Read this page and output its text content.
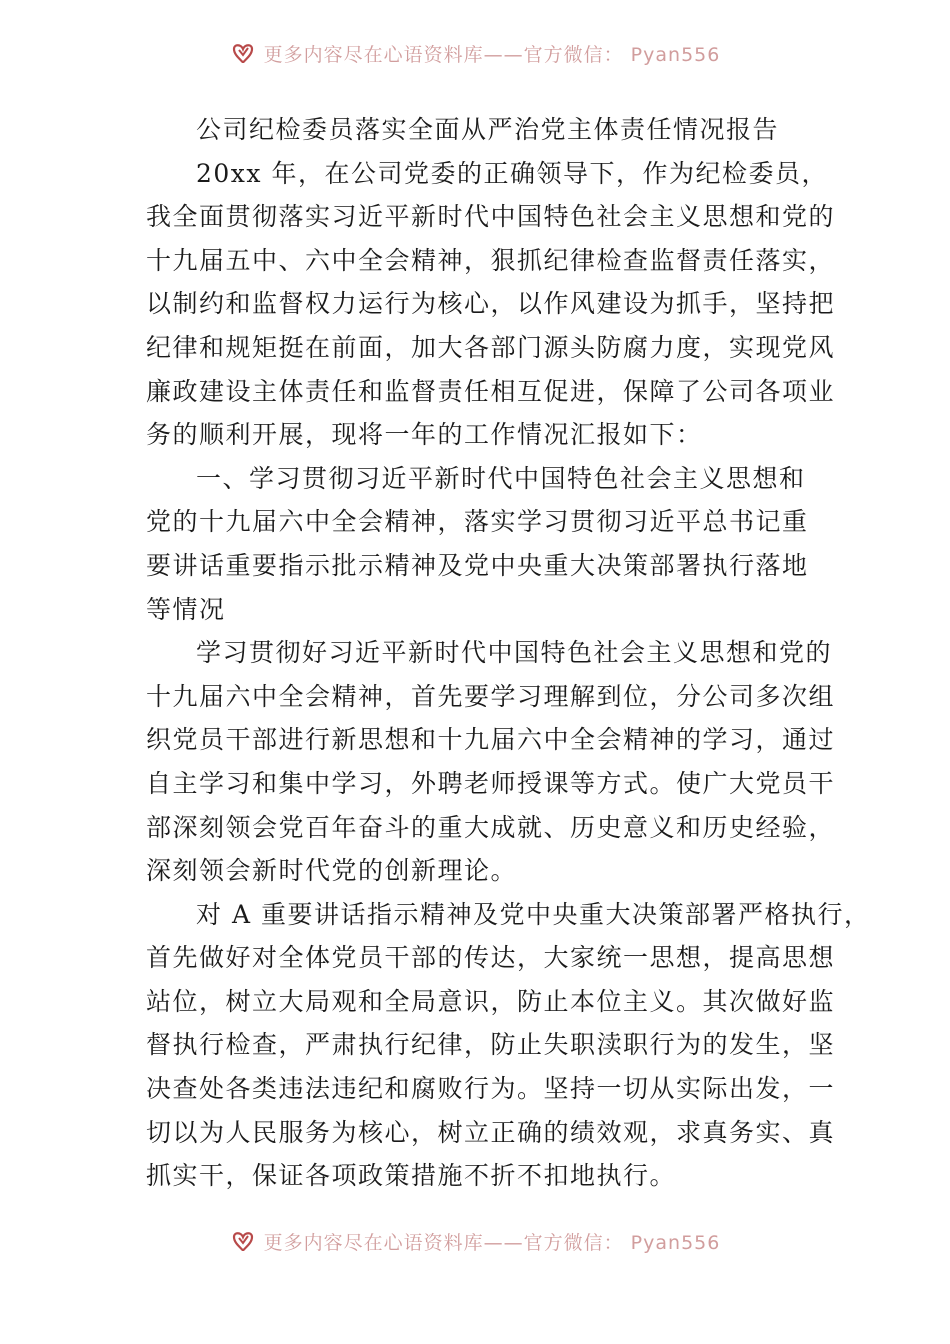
更多内容尽在心语资料库——官方微信： Pyan556
公司纪检委员落实全面从严治党主体责任情况报告
20xx 年，在公司党委的正确领导下，作为纪检委员，
我全面贯彻落实习近平新时代中国特色社会主义思想和党的
十九届五中、六中全会精神，狠抓纪律检查监督责任落实，
以制约和监督权力运行为核心，以作风建设为抓手，坚持把
纪律和规矩挺在前面，加大各部门源头防腐力度，实现党风
廉政建设主体责任和监督责任相互促进，保障了公司各项业
务的顺利开展，现将一年的工作情况汇报如下：
一、学习贯彻习近平新时代中国特色社会主义思想和
党的十九届六中全会精神，落实学习贯彻习近平总书记重
要讲话重要指示批示精神及党中央重大决策部署执行落地
等情况
学习贯彻好习近平新时代中国特色社会主义思想和党的
十九届六中全会精神，首先要学习理解到位，分公司多次组
织党员干部进行新思想和十九届六中全会精神的学习，通过
自主学习和集中学习，外聘老师授课等方式。使广大党员干
部深刻领会党百年奋斗的重大成就、历史意义和历史经验，
深刻领会新时代党的创新理论。
对 A 重要讲话指示精神及党中央重大决策部署严格执行，
首先做好对全体党员干部的传达，大家统一思想，提高思想
站位，树立大局观和全局意识，防止本位主义。其次做好监
督执行检查，严肃执行纪律，防止失职渎职行为的发生，坚
决查处各类违法违纪和腐败行为。坚持一切从实际出发，一
切以为人民服务为核心，树立正确的绩效观，求真务实、真
抓实干，保证各项政策措施不折不扣地执行。
更多内容尽在心语资料库——官方微信： Pyan556
